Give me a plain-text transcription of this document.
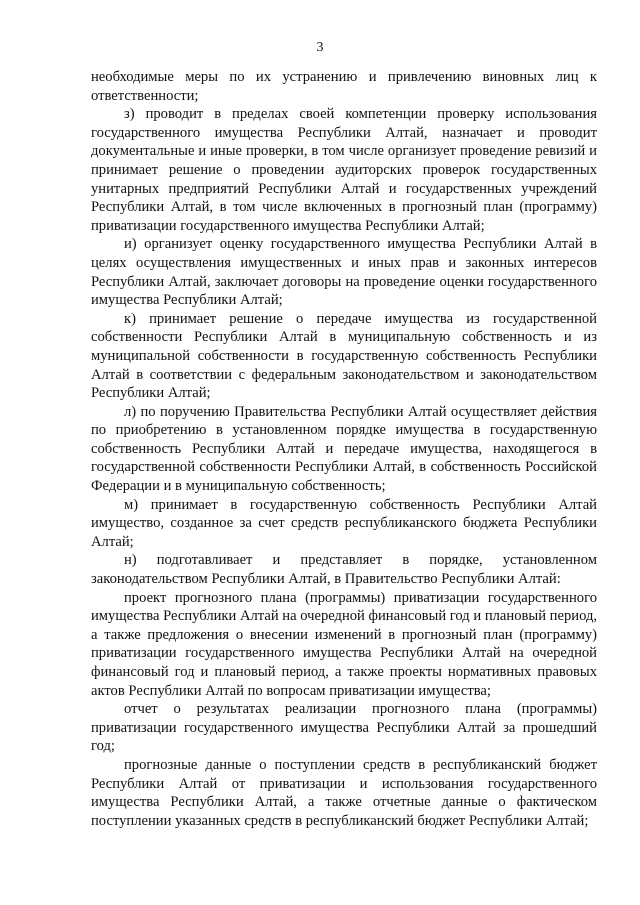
3

необходимые меры по их устранению и привлечению виновных лиц к ответственности;

з) проводит в пределах своей компетенции проверку использования государственного имущества Республики Алтай, назначает и проводит документальные и иные проверки, в том числе организует проведение ревизий и принимает решение о проведении аудиторских проверок государственных унитарных предприятий Республики Алтай и государственных учреждений Республики Алтай, в том числе включенных в прогнозный план (программу) приватизации государственного имущества Республики Алтай;

и) организует оценку государственного имущества Республики Алтай в целях осуществления имущественных и иных прав и законных интересов Республики Алтай, заключает договоры на проведение оценки государственного имущества Республики Алтай;

к) принимает решение о передаче имущества из государственной собственности Республики Алтай в муниципальную собственность и из муниципальной собственности в государственную собственность Республики Алтай в соответствии с федеральным законодательством и законодательством Республики Алтай;

л) по поручению Правительства Республики Алтай осуществляет действия по приобретению в установленном порядке имущества в государственную собственность Республики Алтай и передаче имущества, находящегося в государственной собственности Республики Алтай, в собственность Российской Федерации и в муниципальную собственность;

м) принимает в государственную собственность Республики Алтай имущество, созданное за счет средств республиканского бюджета Республики Алтай;

н) подготавливает и представляет в порядке, установленном законодательством Республики Алтай, в Правительство Республики Алтай:

проект прогнозного плана (программы) приватизации государственного имущества Республики Алтай на очередной финансовый год и плановый период, а также предложения о внесении изменений в прогнозный план (программу) приватизации государственного имущества Республики Алтай на очередной финансовый год и плановый период, а также проекты нормативных правовых актов Республики Алтай по вопросам приватизации имущества;

отчет о результатах реализации прогнозного плана (программы) приватизации государственного имущества Республики Алтай за прошедший год;

прогнозные данные о поступлении средств в республиканский бюджет Республики Алтай от приватизации и использования государственного имущества Республики Алтай, а также отчетные данные о фактическом поступлении указанных средств в республиканский бюджет Республики Алтай;
